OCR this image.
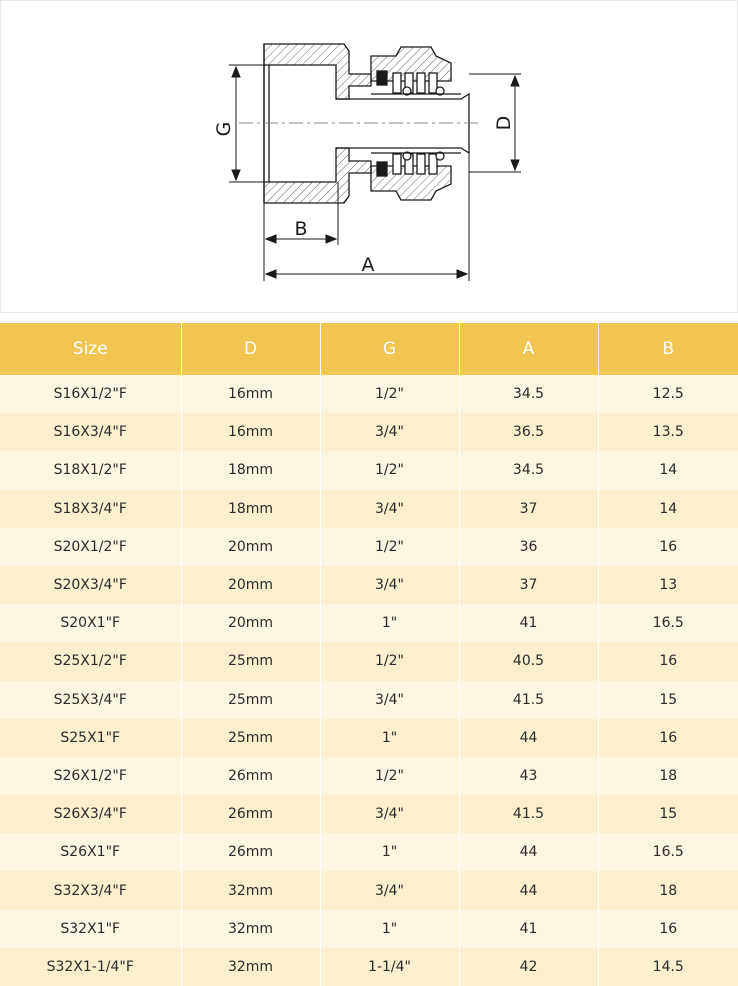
G	D
B
A
Size	D	G	A	B
S16X1/2"F	16mm	1/2"	34.5	12.5
S16X3/4"F	16mm	3/4"	36.5	13.5
S18X1/2"F	18mm	1/2"	34.5	14
S18X3/4"F	18mm	3/4"	37	14
S20X1/2"F	20mm	1/2"	36	16
S20X3/4"F	20mm	3/4"	37	13
S20X1"F	20mm	1"	41	16.5
S25X1/2"F	25mm	1/2"	40.5	16
S25X3/4"F	25mm	3/4"	41.5	15
S25X1"F	25mm	1"	44	16
S26X1/2"F	26mm	1/2"	43	18
S26X3/4"F	26mm	3/4"	41.5	15
S26X1"F	26mm	1"	44	16.5
S32X3/4"F	32mm	3/4"	44	18
S32X1"F	32mm	1"	41	16
S32X1-1/4"F	32mm	1-1/4"	42	14.5
